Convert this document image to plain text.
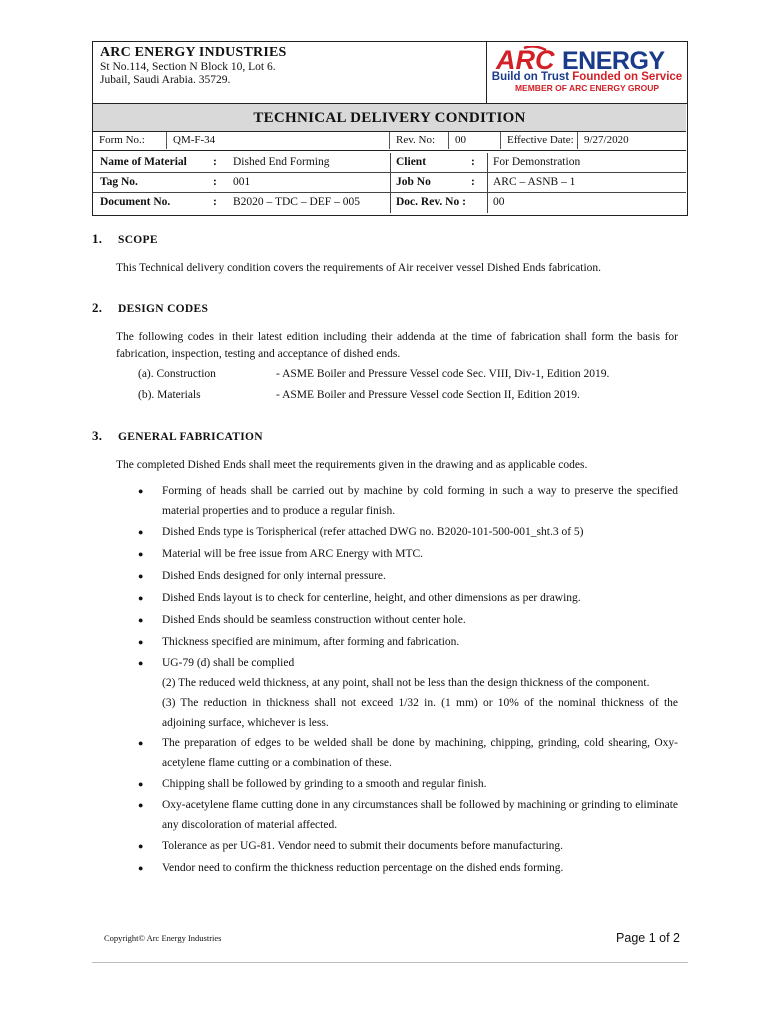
ARC ENERGY INDUSTRIES
St No.114, Section N Block 10, Lot 6.
Jubail, Saudi Arabia. 35729.
ARC ENERGY
Build on Trust Founded on Service
MEMBER OF ARC ENERGY GROUP
TECHNICAL DELIVERY CONDITION
Form No.:	QM-F-34	Rev. No:	00	Effective Date: 9/27/2020
Name of Material : Dished End Forming	Client	: For Demonstration
Tag No.	: 001	Job No	: ARC – ASNB – 1
Document No.	: B2020 – TDC – DEF – 005	Doc. Rev. No : 00
1. SCOPE
This Technical delivery condition covers the requirements of Air receiver vessel Dished Ends fabrication.
2. DESIGN CODES
The following codes in their latest edition including their addenda at the time of fabrication shall form the basis for fabrication, inspection, testing and acceptance of dished ends.
(a). Construction	- ASME Boiler and Pressure Vessel code Sec. VIII, Div-1, Edition 2019.
(b). Materials	- ASME Boiler and Pressure Vessel code Section II, Edition 2019.
3. GENERAL FABRICATION
The completed Dished Ends shall meet the requirements given in the drawing and as applicable codes.
● Forming of heads shall be carried out by machine by cold forming in such a way to preserve the specified material properties and to produce a regular finish.
● Dished Ends type is Torispherical (refer attached DWG no. B2020-101-500-001_sht.3 of 5)
● Material will be free issue from ARC Energy with MTC.
● Dished Ends designed for only internal pressure.
● Dished Ends layout is to check for centerline, height, and other dimensions as per drawing.
● Dished Ends should be seamless construction without center hole.
● Thickness specified are minimum, after forming and fabrication.
● UG-79 (d) shall be complied
(2) The reduced weld thickness, at any point, shall not be less than the design thickness of the component.
(3) The reduction in thickness shall not exceed 1/32 in. (1 mm) or 10% of the nominal thickness of the adjoining surface, whichever is less.
● The preparation of edges to be welded shall be done by machining, chipping, grinding, cold shearing, Oxy-acetylene flame cutting or a combination of these.
● Chipping shall be followed by grinding to a smooth and regular finish.
● Oxy-acetylene flame cutting done in any circumstances shall be followed by machining or grinding to eliminate any discoloration of material affected.
● Tolerance as per UG-81. Vendor need to submit their documents before manufacturing.
● Vendor need to confirm the thickness reduction percentage on the dished ends forming.
Copyright© Arc Energy Industries	Page 1 of 2
